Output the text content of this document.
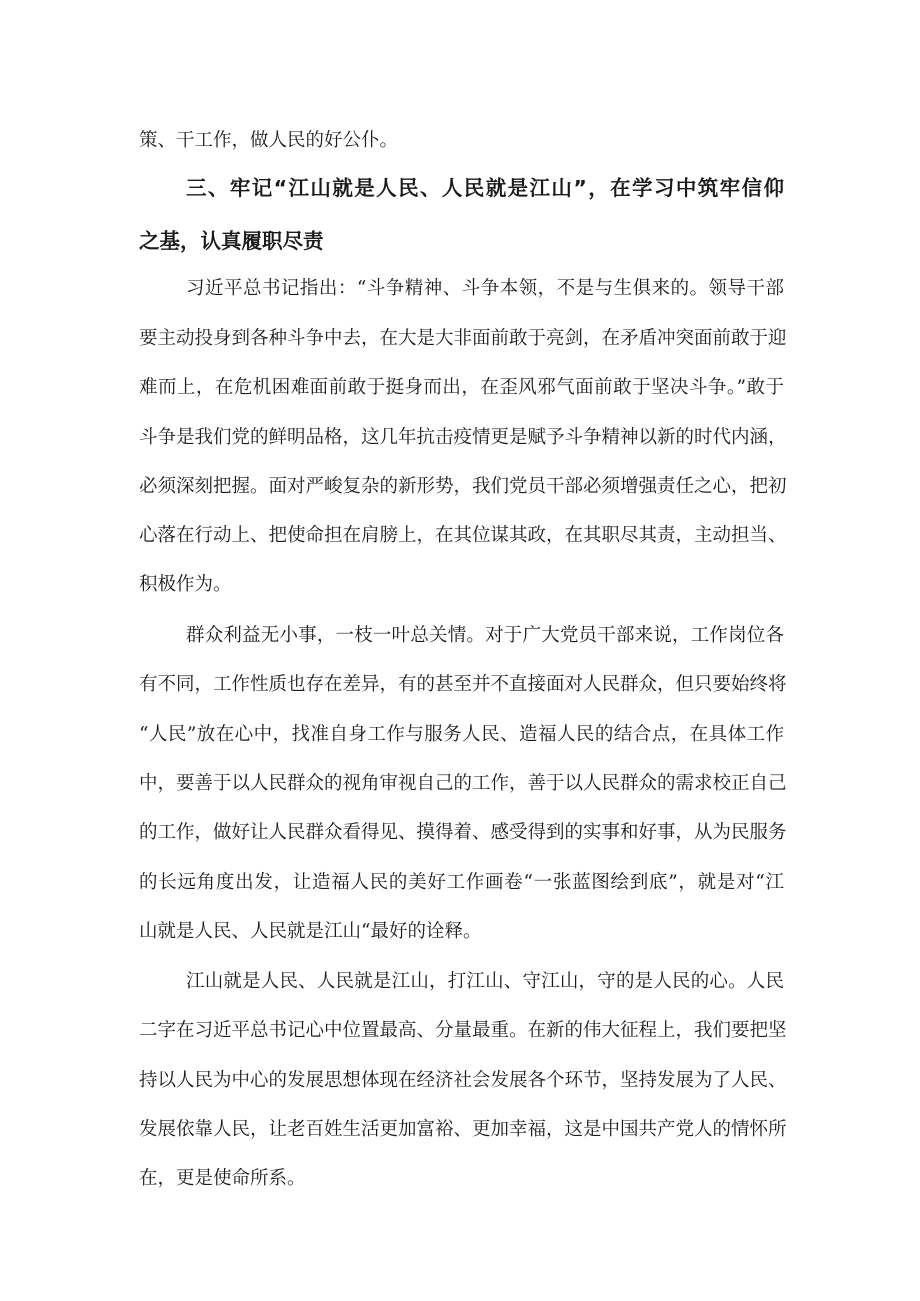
策、干工作，做人民的好公仆。
三、牢记“江山就是人民、人民就是江山”，在学习中筑牢信仰
之基，认真履职尽责
习近平总书记指出：“斗争精神、斗争本领，不是与生俱来的。领导干部
要主动投身到各种斗争中去，在大是大非面前敢于亮剑，在矛盾冲突面前敢于迎
难而上，在危机困难面前敢于挺身而出，在歪风邪气面前敢于坚决斗争。”敢于
斗争是我们党的鲜明品格，这几年抗击疫情更是赋予斗争精神以新的时代内涵，
必须深刻把握。面对严峻复杂的新形势，我们党员干部必须增强责任之心，把初
心落在行动上、把使命担在肩膀上，在其位谋其政，在其职尽其责，主动担当、
积极作为。
群众利益无小事，一枝一叶总关情。对于广大党员干部来说，工作岗位各
有不同，工作性质也存在差异，有的甚至并不直接面对人民群众，但只要始终将
“人民”放在心中，找准自身工作与服务人民、造福人民的结合点，在具体工作
中，要善于以人民群众的视角审视自己的工作，善于以人民群众的需求校正自己
的工作，做好让人民群众看得见、摸得着、感受得到的实事和好事，从为民服务
的长远角度出发，让造福人民的美好工作画卷“一张蓝图绘到底”，就是对“江
山就是人民、人民就是江山“最好的诠释。
江山就是人民、人民就是江山，打江山、守江山，守的是人民的心。人民
二字在习近平总书记心中位置最高、分量最重。在新的伟大征程上，我们要把坚
持以人民为中心的发展思想体现在经济社会发展各个环节，坚持发展为了人民、
发展依靠人民，让老百姓生活更加富裕、更加幸福，这是中国共产党人的情怀所
在，更是使命所系。
